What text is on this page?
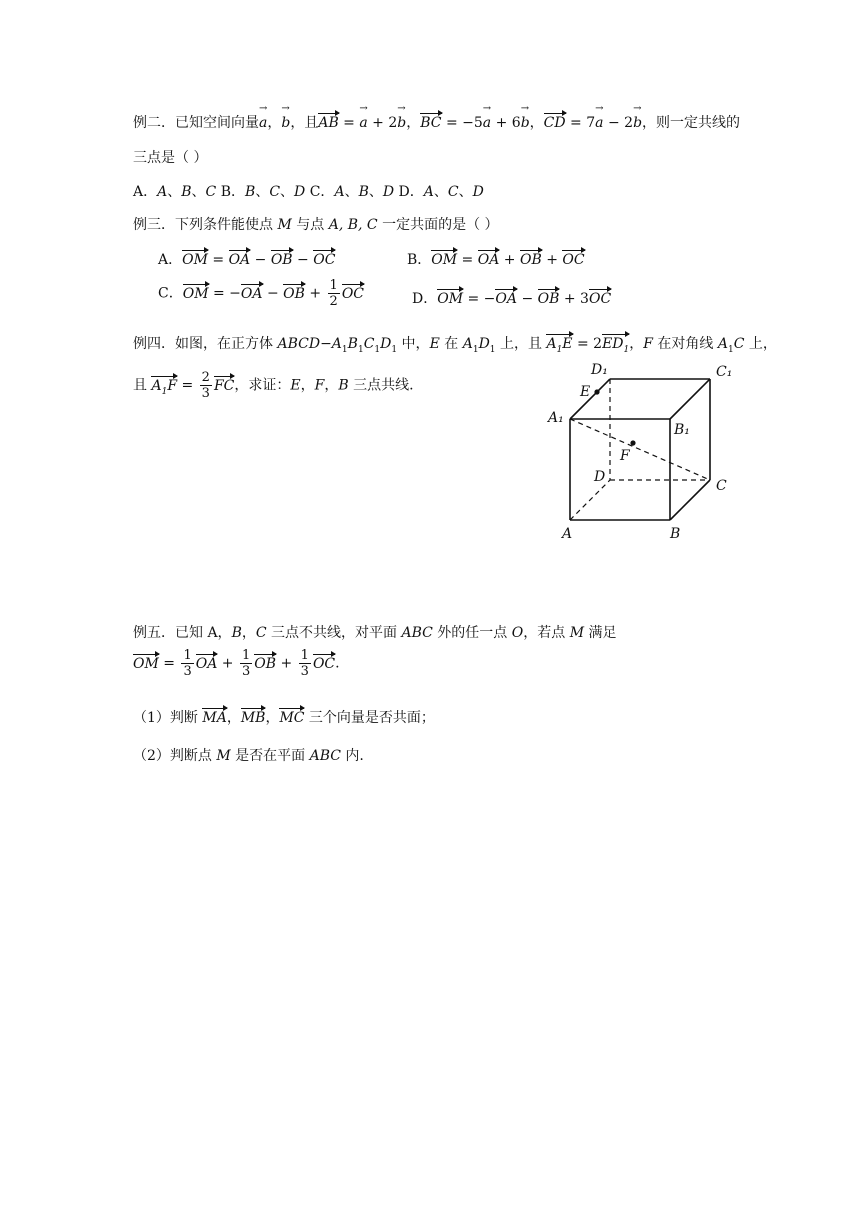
例二．已知空间向量a →，b →，且AB = a → + 2b →，BC = −5a → + 6b →，CD = 7a → − 2b →，则一定共线的
三点是（ ）
A．A、B、C B．B、C、D C．A、B、D D．A、C、D
例三．下列条件能使点 M 与点 A, B, C 一定共面的是（ ）
A．OM = OA − OB − OC	B．OM = OA + OB + OC
C．OM = −OA − OB + $\frac{1}{2}$ OC	D．OM = −OA − OB + 3OC
例四．如图，在正方体 $ABCD-A_1B_1C_1D_1$ 中，E 在 $A_1D_1$ 上，且 $A_1E = 2ED_1$，F 在对角线 $A_1C$ 上，
且 $A_1F = \frac{2}{3}$ FC，求证：E，F，B 三点共线.
D₁	C₁
E
A₁
B₁
F
D
C
A	B
例五．已知 A，B，C 三点不共线，对平面 ABC 外的任一点 O，若点 M 满足
OM = $\frac{1}{3}$ OA + $\frac{1}{3}$ OB + $\frac{1}{3}$ OC.
（1）判断 MA，MB，MC 三个向量是否共面；
（2）判断点 M 是否在平面 ABC 内.
